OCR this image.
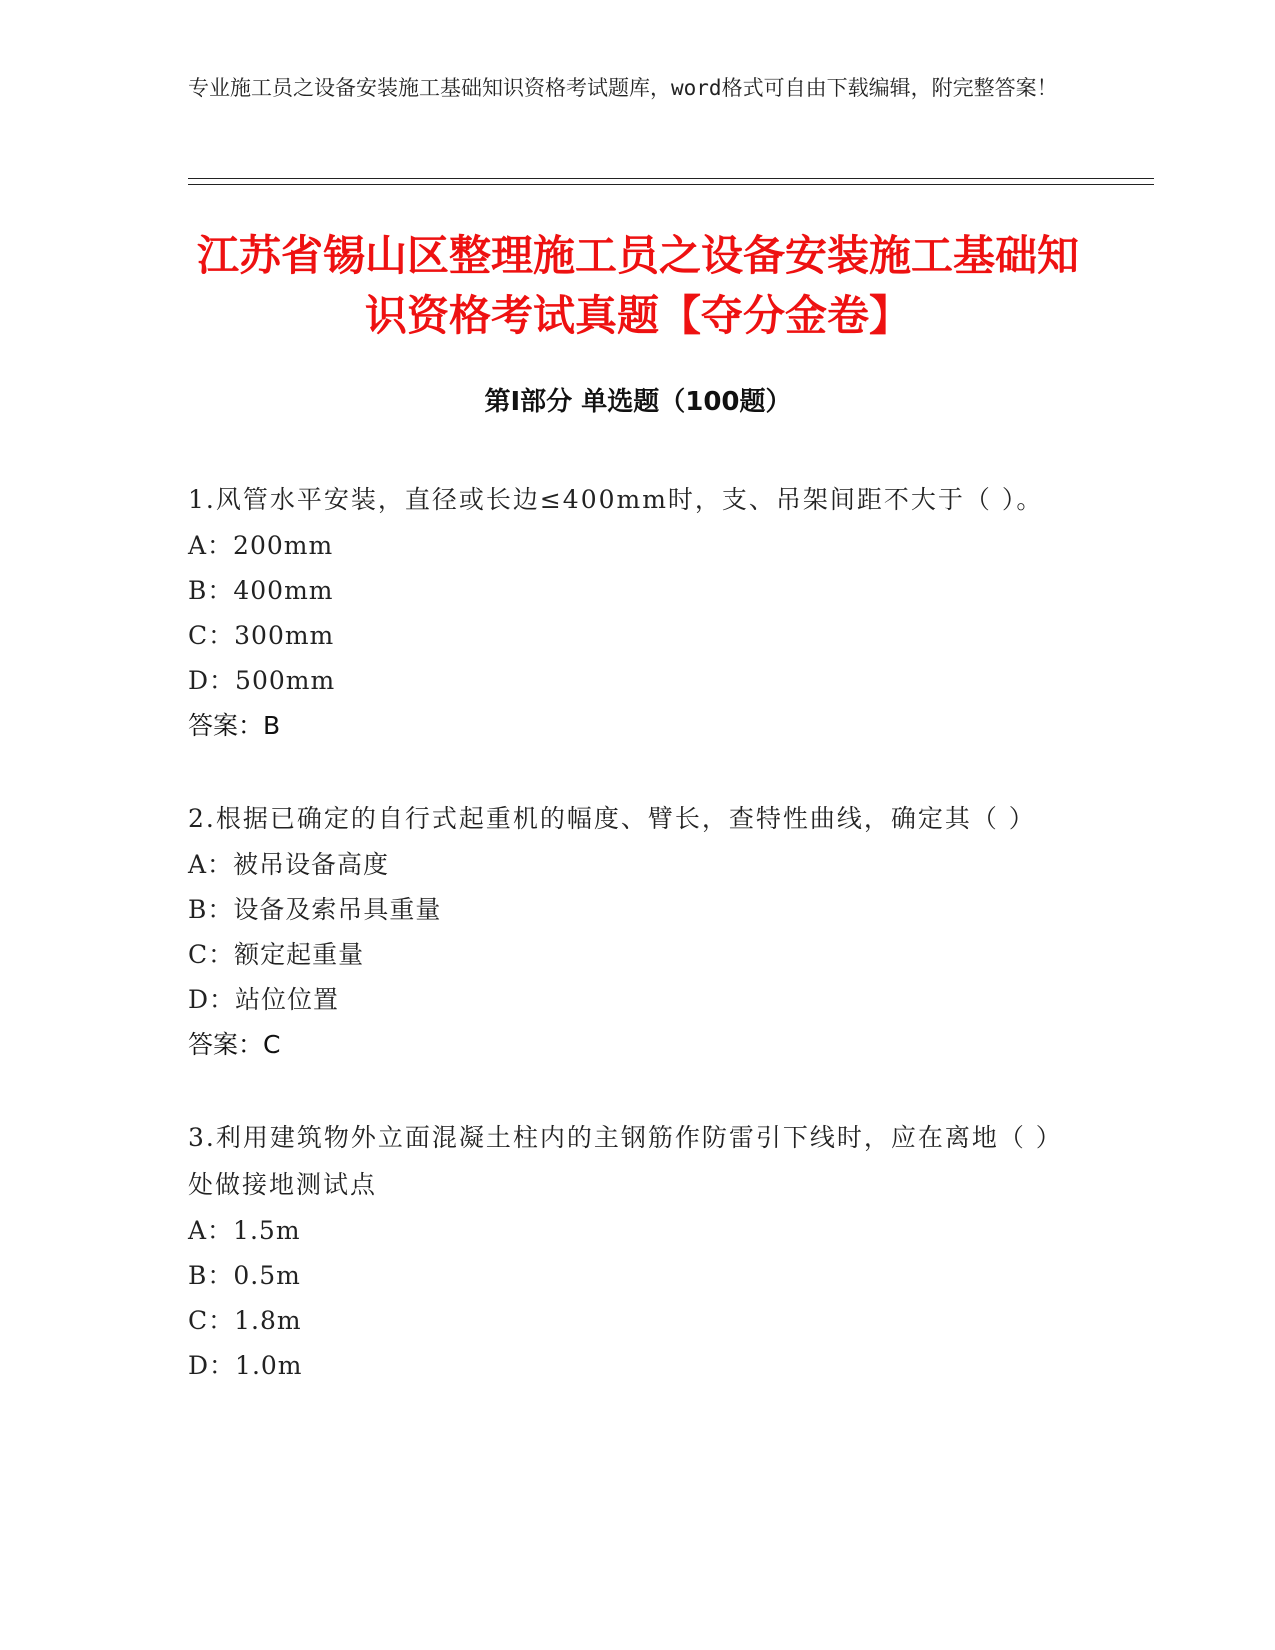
专业施工员之设备安装施工基础知识资格考试题库，word格式可自由下载编辑，附完整答案！
江苏省锡山区整理施工员之设备安装施工基础知识资格考试真题【夺分金卷】
第Ⅰ部分 单选题（100题）
1.风管水平安装，直径或长边≤400mm时，支、吊架间距不大于（ ）。
A：200mm
B：400mm
C：300mm
D：500mm
答案：B
2.根据已确定的自行式起重机的幅度、臂长，查特性曲线，确定其（ ）
A：被吊设备高度
B：设备及索吊具重量
C：额定起重量
D：站位位置
答案：C
3.利用建筑物外立面混凝土柱内的主钢筋作防雷引下线时，应在离地（ ）处做接地测试点
A：1.5m
B：0.5m
C：1.8m
D：1.0m
